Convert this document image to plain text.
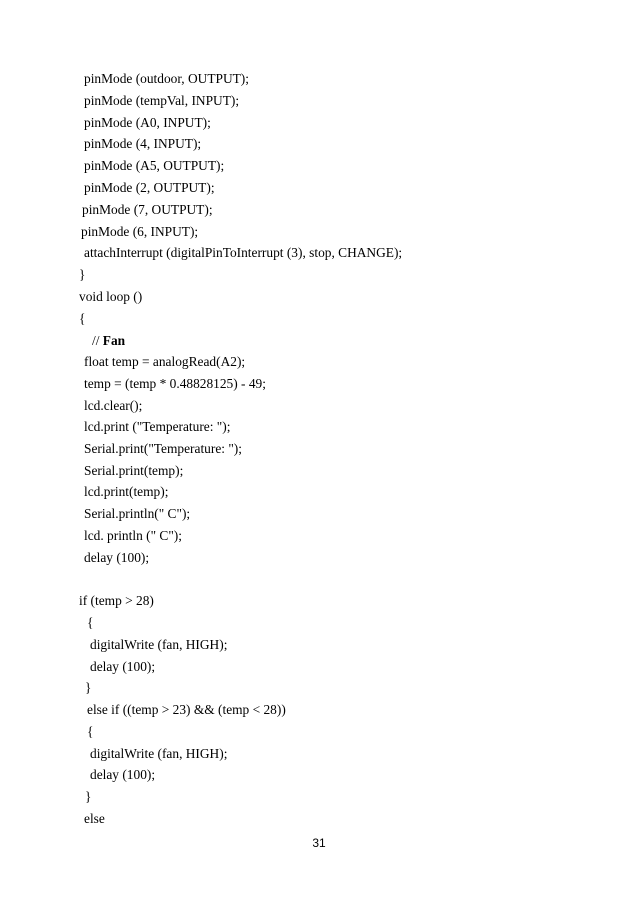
pinMode (outdoor, OUTPUT);
pinMode (tempVal, INPUT);
pinMode (A0, INPUT);
pinMode (4, INPUT);
pinMode (A5, OUTPUT);
pinMode (2, OUTPUT);
pinMode (7, OUTPUT);
pinMode (6, INPUT);
attachInterrupt (digitalPinToInterrupt (3), stop, CHANGE);
}
void loop ()
{
// Fan
float temp = analogRead(A2);
temp = (temp * 0.48828125) - 49;
lcd.clear();
lcd.print ("Temperature: ");
Serial.print("Temperature: ");
Serial.print(temp);
lcd.print(temp);
Serial.println(" C");
lcd. println (" C");
delay (100);
if (temp > 28)
{
digitalWrite (fan, HIGH);
delay (100);
}
else if ((temp > 23) && (temp < 28))
{
digitalWrite (fan, HIGH);
delay (100);
}
else
31
